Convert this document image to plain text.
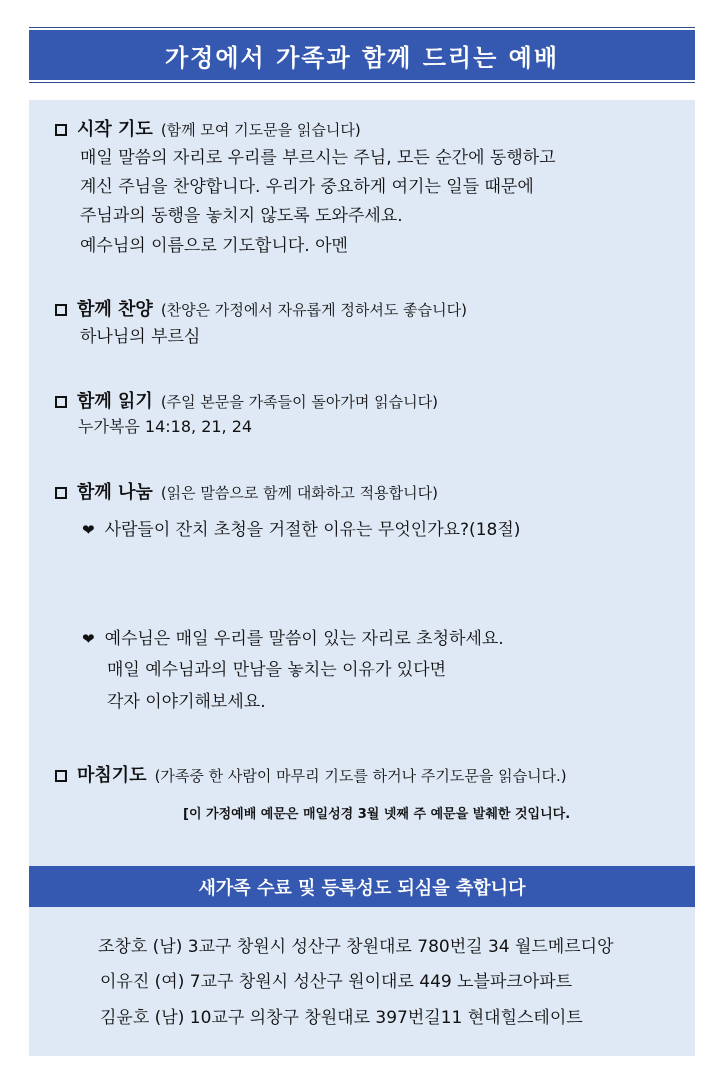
가정에서 가족과 함께 드리는 예배
시작 기도 (함께 모여 기도문을 읽습니다)
매일 말씀의 자리로 우리를 부르시는 주님, 모든 순간에 동행하고
계신 주님을 찬양합니다. 우리가 중요하게 여기는 일들 때문에
주님과의 동행을 놓치지 않도록 도와주세요.
예수님의 이름으로 기도합니다. 아멘
함께 찬양 (찬양은 가정에서 자유롭게 정하셔도 좋습니다)
하나님의 부르심
함께 읽기 (주일 본문을 가족들이 돌아가며 읽습니다)
누가복음 14:18, 21, 24
함께 나눔 (읽은 말씀으로 함께 대화하고 적용합니다)
❤ 사람들이 잔치 초청을 거절한 이유는 무엇인가요?(18절)
❤ 예수님은 매일 우리를 말씀이 있는 자리로 초청하세요.
매일 예수님과의 만남을 놓치는 이유가 있다면
각자 이야기해보세요.
마침기도 (가족중 한 사람이 마무리 기도를 하거나 주기도문을 읽습니다.)
[이 가정예배 예문은 매일성경 3월 넷째 주 예문을 발췌한 것입니다.
새가족 수료 및 등록성도 되심을 축합니다
조창호 (남) 3교구 창원시 성산구 창원대로 780번길 34 월드메르디앙
이유진 (여) 7교구 창원시 성산구 원이대로 449 노블파크아파트
김윤호 (남) 10교구 의창구 창원대로 397번길11 현대힐스테이트
